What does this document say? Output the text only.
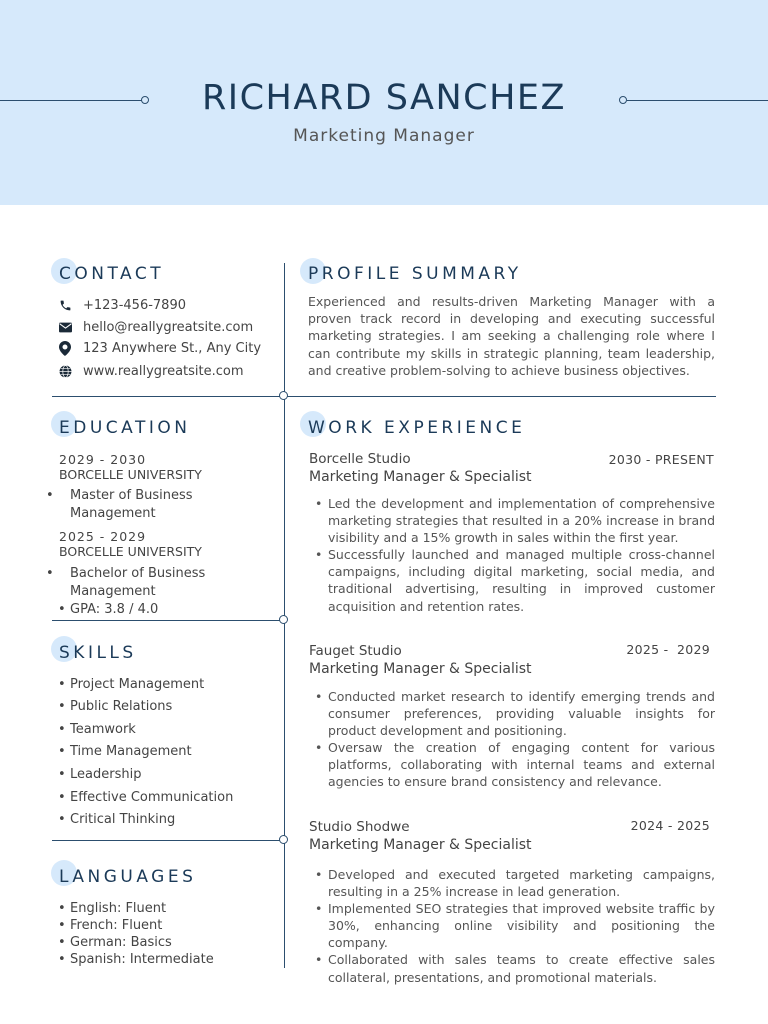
RICHARD SANCHEZ
Marketing Manager
CONTACT
+123-456-7890
hello@reallygreatsite.com
123 Anywhere St., Any City
www.reallygreatsite.com
EDUCATION
2029 - 2030
BORCELLE UNIVERSITY
• Master of Business Management
2025 - 2029
BORCELLE UNIVERSITY
• Bachelor of Business Management
• GPA: 3.8 / 4.0
SKILLS
• Project Management
• Public Relations
• Teamwork
• Time Management
• Leadership
• Effective Communication
• Critical Thinking
LANGUAGES
• English: Fluent
• French: Fluent
• German: Basics
• Spanish: Intermediate
PROFILE SUMMARY

Experienced and results-driven Marketing Manager with a proven track record in developing and executing successful marketing strategies. I am seeking a challenging role where I can contribute my skills in strategic planning, team leadership, and creative problem-solving to achieve business objectives.

WORK EXPERIENCE
Borcelle Studio	2030 - PRESENT
Marketing Manager & Specialist
• Led the development and implementation of comprehensive marketing strategies that resulted in a 20% increase in brand visibility and a 15% growth in sales within the first year.
• Successfully launched and managed multiple cross-channel campaigns, including digital marketing, social media, and traditional advertising, resulting in improved customer acquisition and retention rates.
Fauget Studio	2025 -  2029
Marketing Manager & Specialist
• Conducted market research to identify emerging trends and consumer preferences, providing valuable insights for product development and positioning.
• Oversaw the creation of engaging content for various platforms, collaborating with internal teams and external agencies to ensure brand consistency and relevance.
Studio Shodwe	2024 - 2025
Marketing Manager & Specialist
• Developed and executed targeted marketing campaigns, resulting in a 25% increase in lead generation.
• Implemented SEO strategies that improved website traffic by 30%, enhancing online visibility and positioning the company.
• Collaborated with sales teams to create effective sales collateral, presentations, and promotional materials.
